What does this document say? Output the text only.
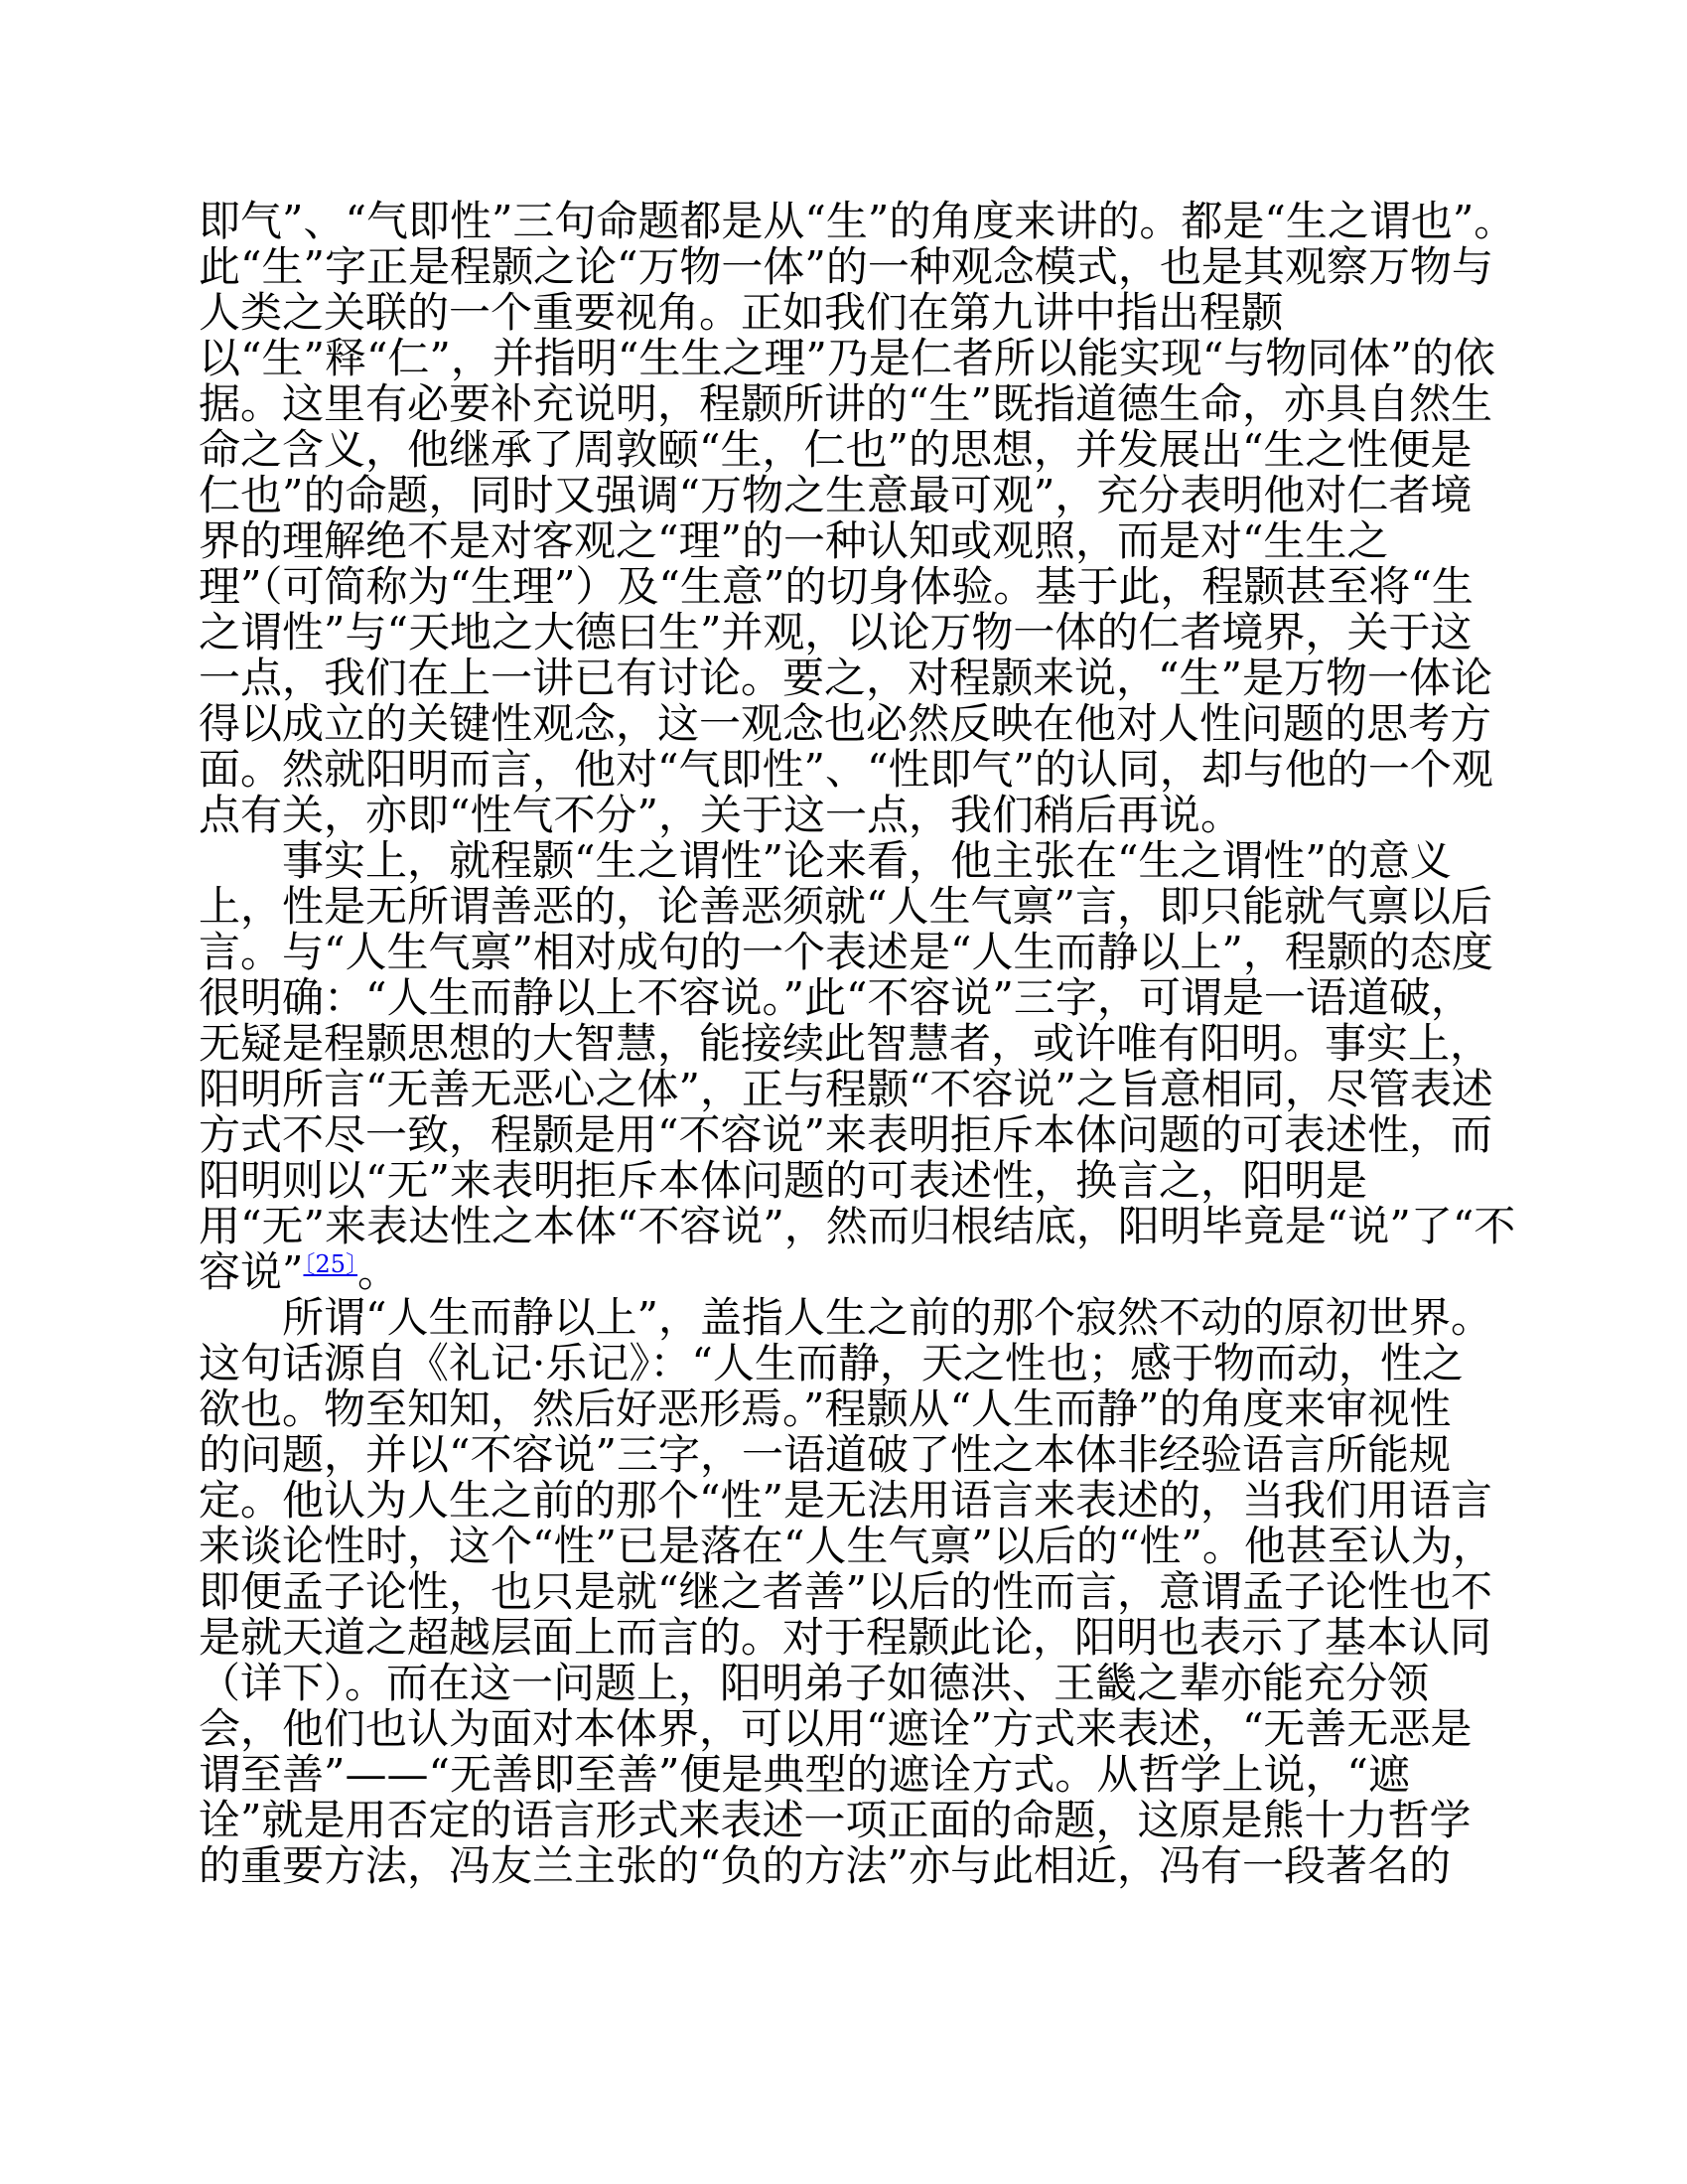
即气”、“气即性”三句命题都是从“生”的角度来讲的。都是“生之谓也”。

此“生”字正是程颢之论“万物一体”的一种观念模式，也是其观察万物与

人类之关联的一个重要视角。正如我们在第九讲中指出程颢

以“生”释“仁”，并指明“生生之理”乃是仁者所以能实现“与物同体”的依

据。这里有必要补充说明，程颢所讲的“生”既指道德生命，亦具自然生

命之含义，他继承了周敦颐“生，仁也”的思想，并发展出“生之性便是

仁也”的命题，同时又强调“万物之生意最可观”，充分表明他对仁者境

界的理解绝不是对客观之“理”的一种认知或观照，而是对“生生之

理”（可简称为“生理”）及“生意”的切身体验。基于此，程颢甚至将“生

之谓性”与“天地之大德曰生”并观，以论万物一体的仁者境界，关于这

一点，我们在上一讲已有讨论。要之，对程颢来说，“生”是万物一体论

得以成立的关键性观念，这一观念也必然反映在他对人性问题的思考方

面。然就阳明而言，他对“气即性”、“性即气”的认同，却与他的一个观

点有关，亦即“性气不分”，关于这一点，我们稍后再说。

　　事实上，就程颢“生之谓性”论来看，他主张在“生之谓性”的意义

上，性是无所谓善恶的，论善恶须就“人生气禀”言，即只能就气禀以后

言。与“人生气禀”相对成句的一个表述是“人生而静以上”，程颢的态度

很明确：“人生而静以上不容说。”此“不容说”三字，可谓是一语道破，

无疑是程颢思想的大智慧，能接续此智慧者，或许唯有阳明。事实上，

阳明所言“无善无恶心之体”，正与程颢“不容说”之旨意相同，尽管表述

方式不尽一致，程颢是用“不容说”来表明拒斥本体问题的可表述性，而

阳明则以“无”来表明拒斥本体问题的可表述性，换言之，阳明是

用“无”来表达性之本体“不容说”，然而归根结底，阳明毕竟是“说”了“不

容说”$^{〔25〕}$。

　　所谓“人生而静以上”，盖指人生之前的那个寂然不动的原初世界。

这句话源自《礼记·乐记》：“人生而静，天之性也；感于物而动，性之

欲也。物至知知，然后好恶形焉。”程颢从“人生而静”的角度来审视性

的问题，并以“不容说”三字，一语道破了性之本体非经验语言所能规

定。他认为人生之前的那个“性”是无法用语言来表述的，当我们用语言

来谈论性时，这个“性”已是落在“人生气禀”以后的“性”。他甚至认为，

即便孟子论性，也只是就“继之者善”以后的性而言，意谓孟子论性也不

是就天道之超越层面上而言的。对于程颢此论，阳明也表示了基本认同

（详下）。而在这一问题上，阳明弟子如德洪、王畿之辈亦能充分领

会，他们也认为面对本体界，可以用“遮诠”方式来表述，“无善无恶是

谓至善”——“无善即至善”便是典型的遮诠方式。从哲学上说，“遮

诠”就是用否定的语言形式来表述一项正面的命题，这原是熊十力哲学

的重要方法，冯友兰主张的“负的方法”亦与此相近，冯有一段著名的
